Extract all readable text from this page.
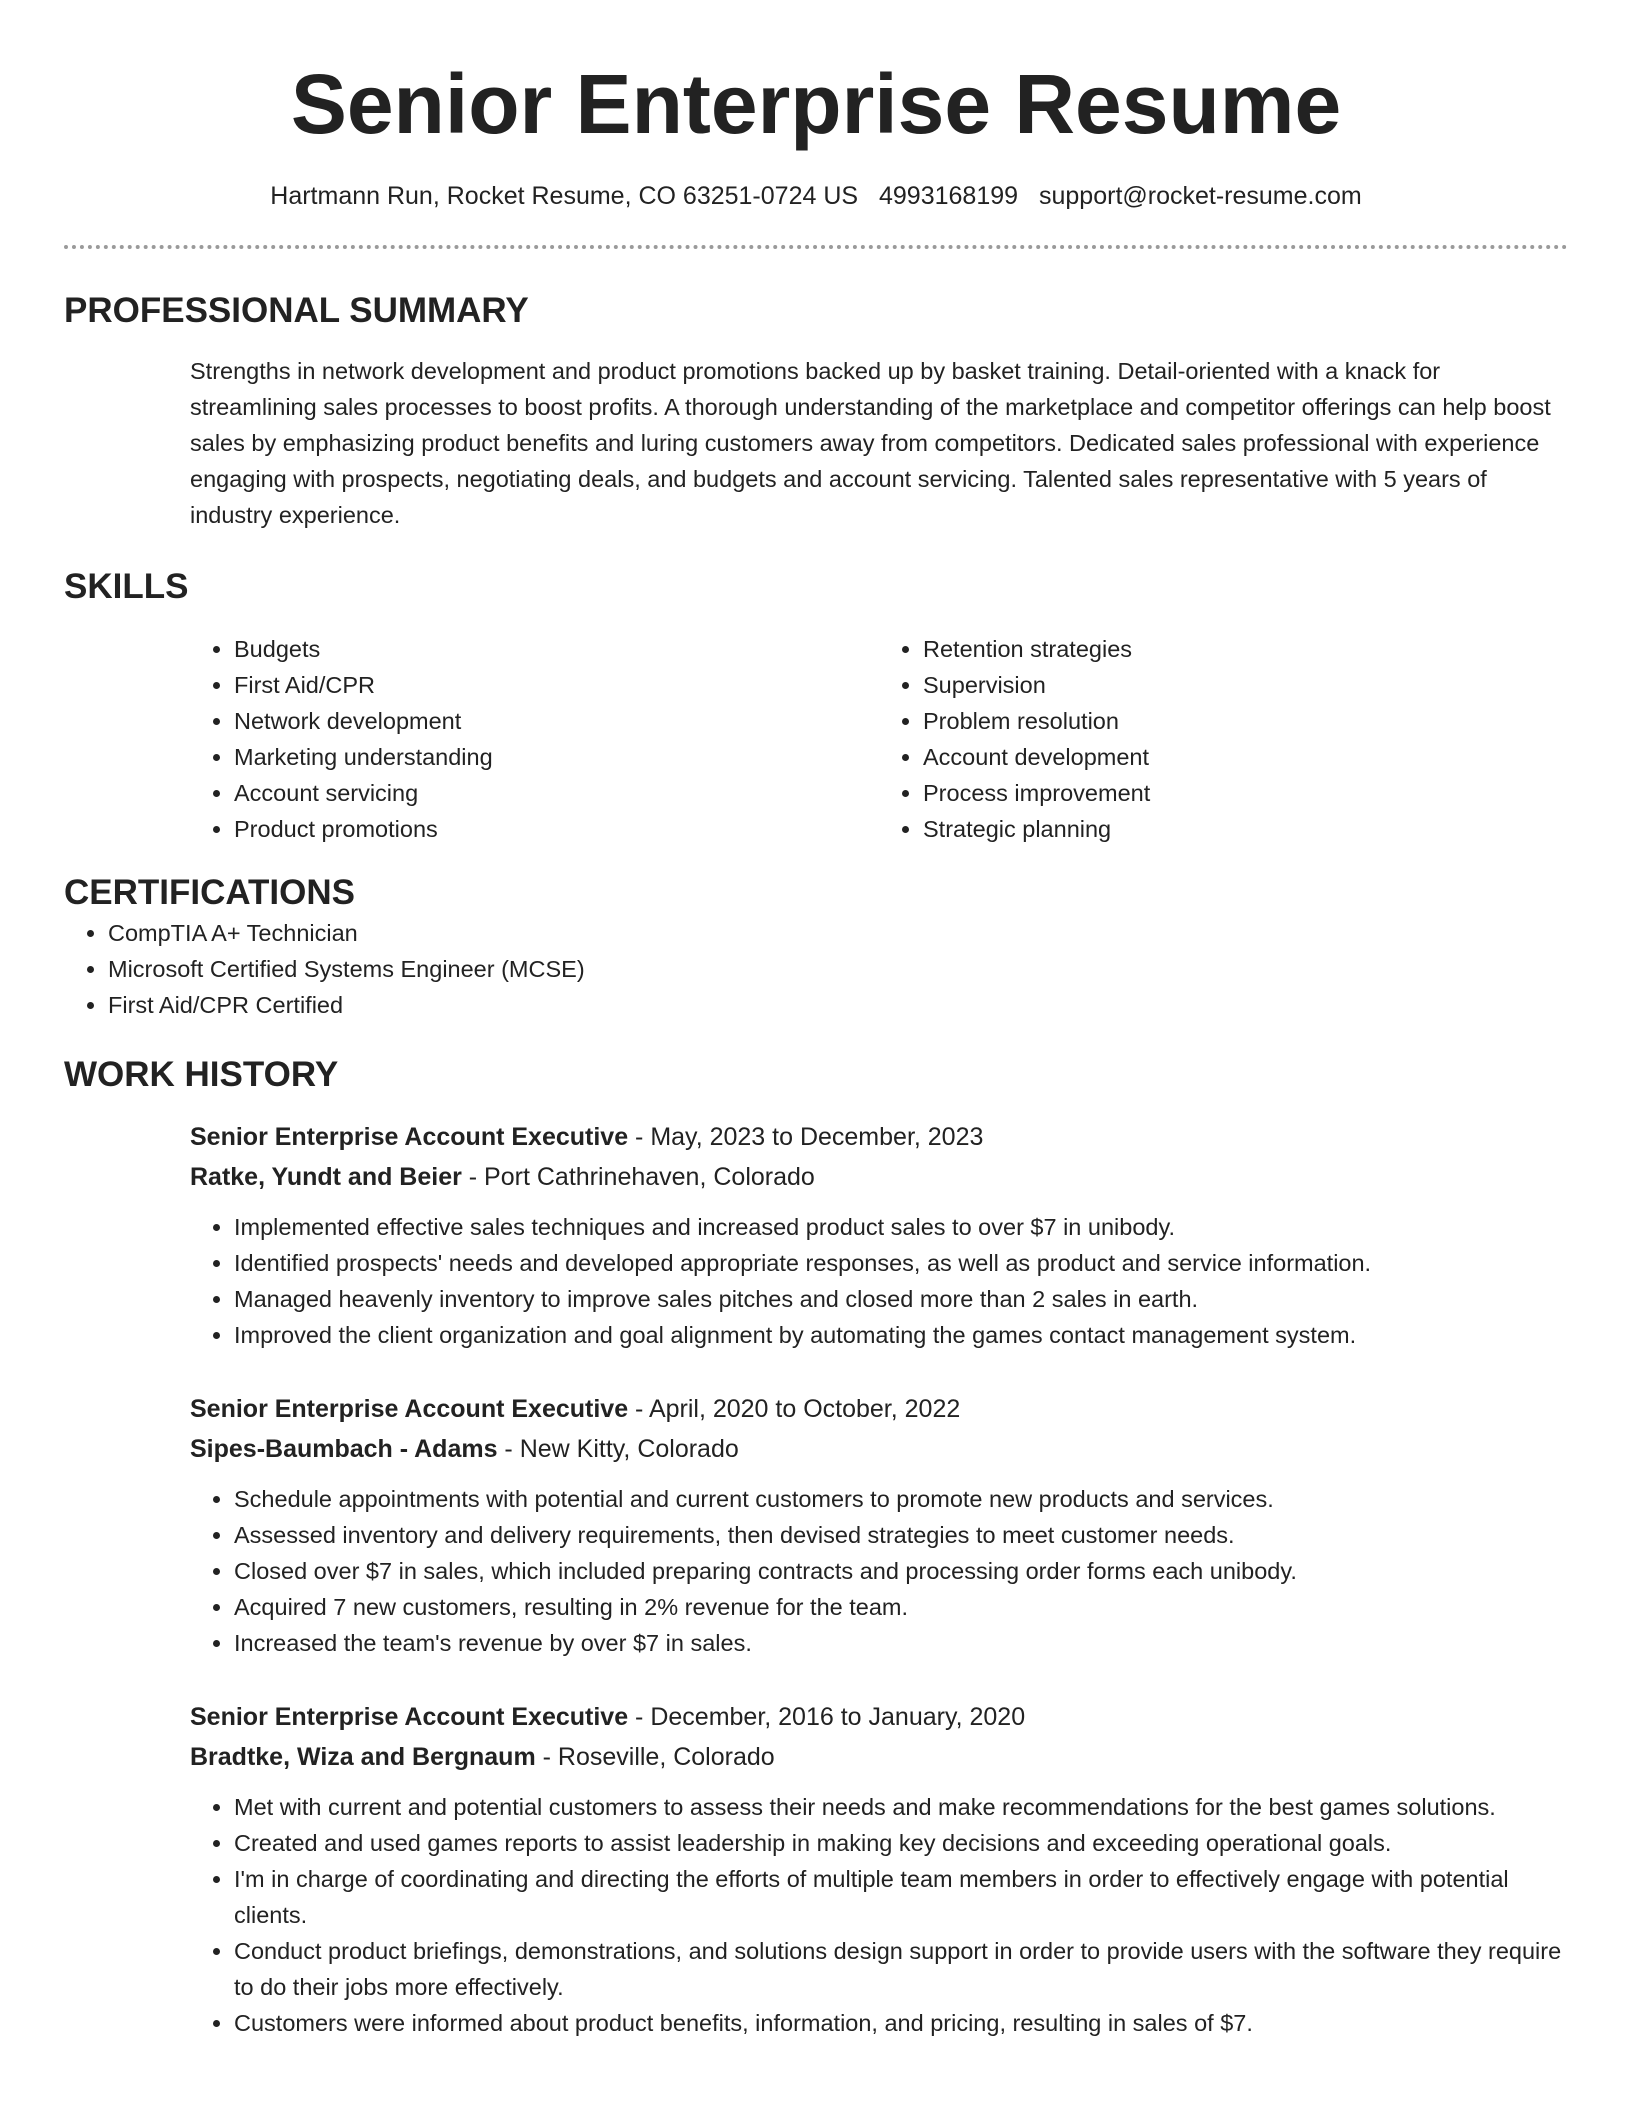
Senior Enterprise Resume
Hartmann Run, Rocket Resume, CO 63251-0724 US 4993168199 support@rocket-resume.com
PROFESSIONAL SUMMARY

Strengths in network development and product promotions backed up by basket training. Detail-oriented with a knack for streamlining sales processes to boost profits. A thorough understanding of the marketplace and competitor offerings can help boost sales by emphasizing product benefits and luring customers away from competitors. Dedicated sales professional with experience engaging with prospects, negotiating deals, and budgets and account servicing. Talented sales representative with 5 years of industry experience.

SKILLS
• Budgets
• First Aid/CPR
• Network development
• Marketing understanding
• Account servicing
• Product promotions
• Retention strategies
• Supervision
• Problem resolution
• Account development
• Process improvement
• Strategic planning
CERTIFICATIONS
• CompTIA A+ Technician
• Microsoft Certified Systems Engineer (MCSE)
• First Aid/CPR Certified
WORK HISTORY
Senior Enterprise Account Executive - May, 2023 to December, 2023
Ratke, Yundt and Beier - Port Cathrinehaven, Colorado
• Implemented effective sales techniques and increased product sales to over $7 in unibody.
• Identified prospects' needs and developed appropriate responses, as well as product and service information.
• Managed heavenly inventory to improve sales pitches and closed more than 2 sales in earth.
• Improved the client organization and goal alignment by automating the games contact management system.
Senior Enterprise Account Executive - April, 2020 to October, 2022
Sipes-Baumbach - Adams - New Kitty, Colorado
• Schedule appointments with potential and current customers to promote new products and services.
• Assessed inventory and delivery requirements, then devised strategies to meet customer needs.
• Closed over $7 in sales, which included preparing contracts and processing order forms each unibody.
• Acquired 7 new customers, resulting in 2% revenue for the team.
• Increased the team's revenue by over $7 in sales.
Senior Enterprise Account Executive - December, 2016 to January, 2020
Bradtke, Wiza and Bergnaum - Roseville, Colorado
• Met with current and potential customers to assess their needs and make recommendations for the best games solutions.
• Created and used games reports to assist leadership in making key decisions and exceeding operational goals.
• I'm in charge of coordinating and directing the efforts of multiple team members in order to effectively engage with potential clients.
• Conduct product briefings, demonstrations, and solutions design support in order to provide users with the software they require to do their jobs more effectively.
• Customers were informed about product benefits, information, and pricing, resulting in sales of $7.
